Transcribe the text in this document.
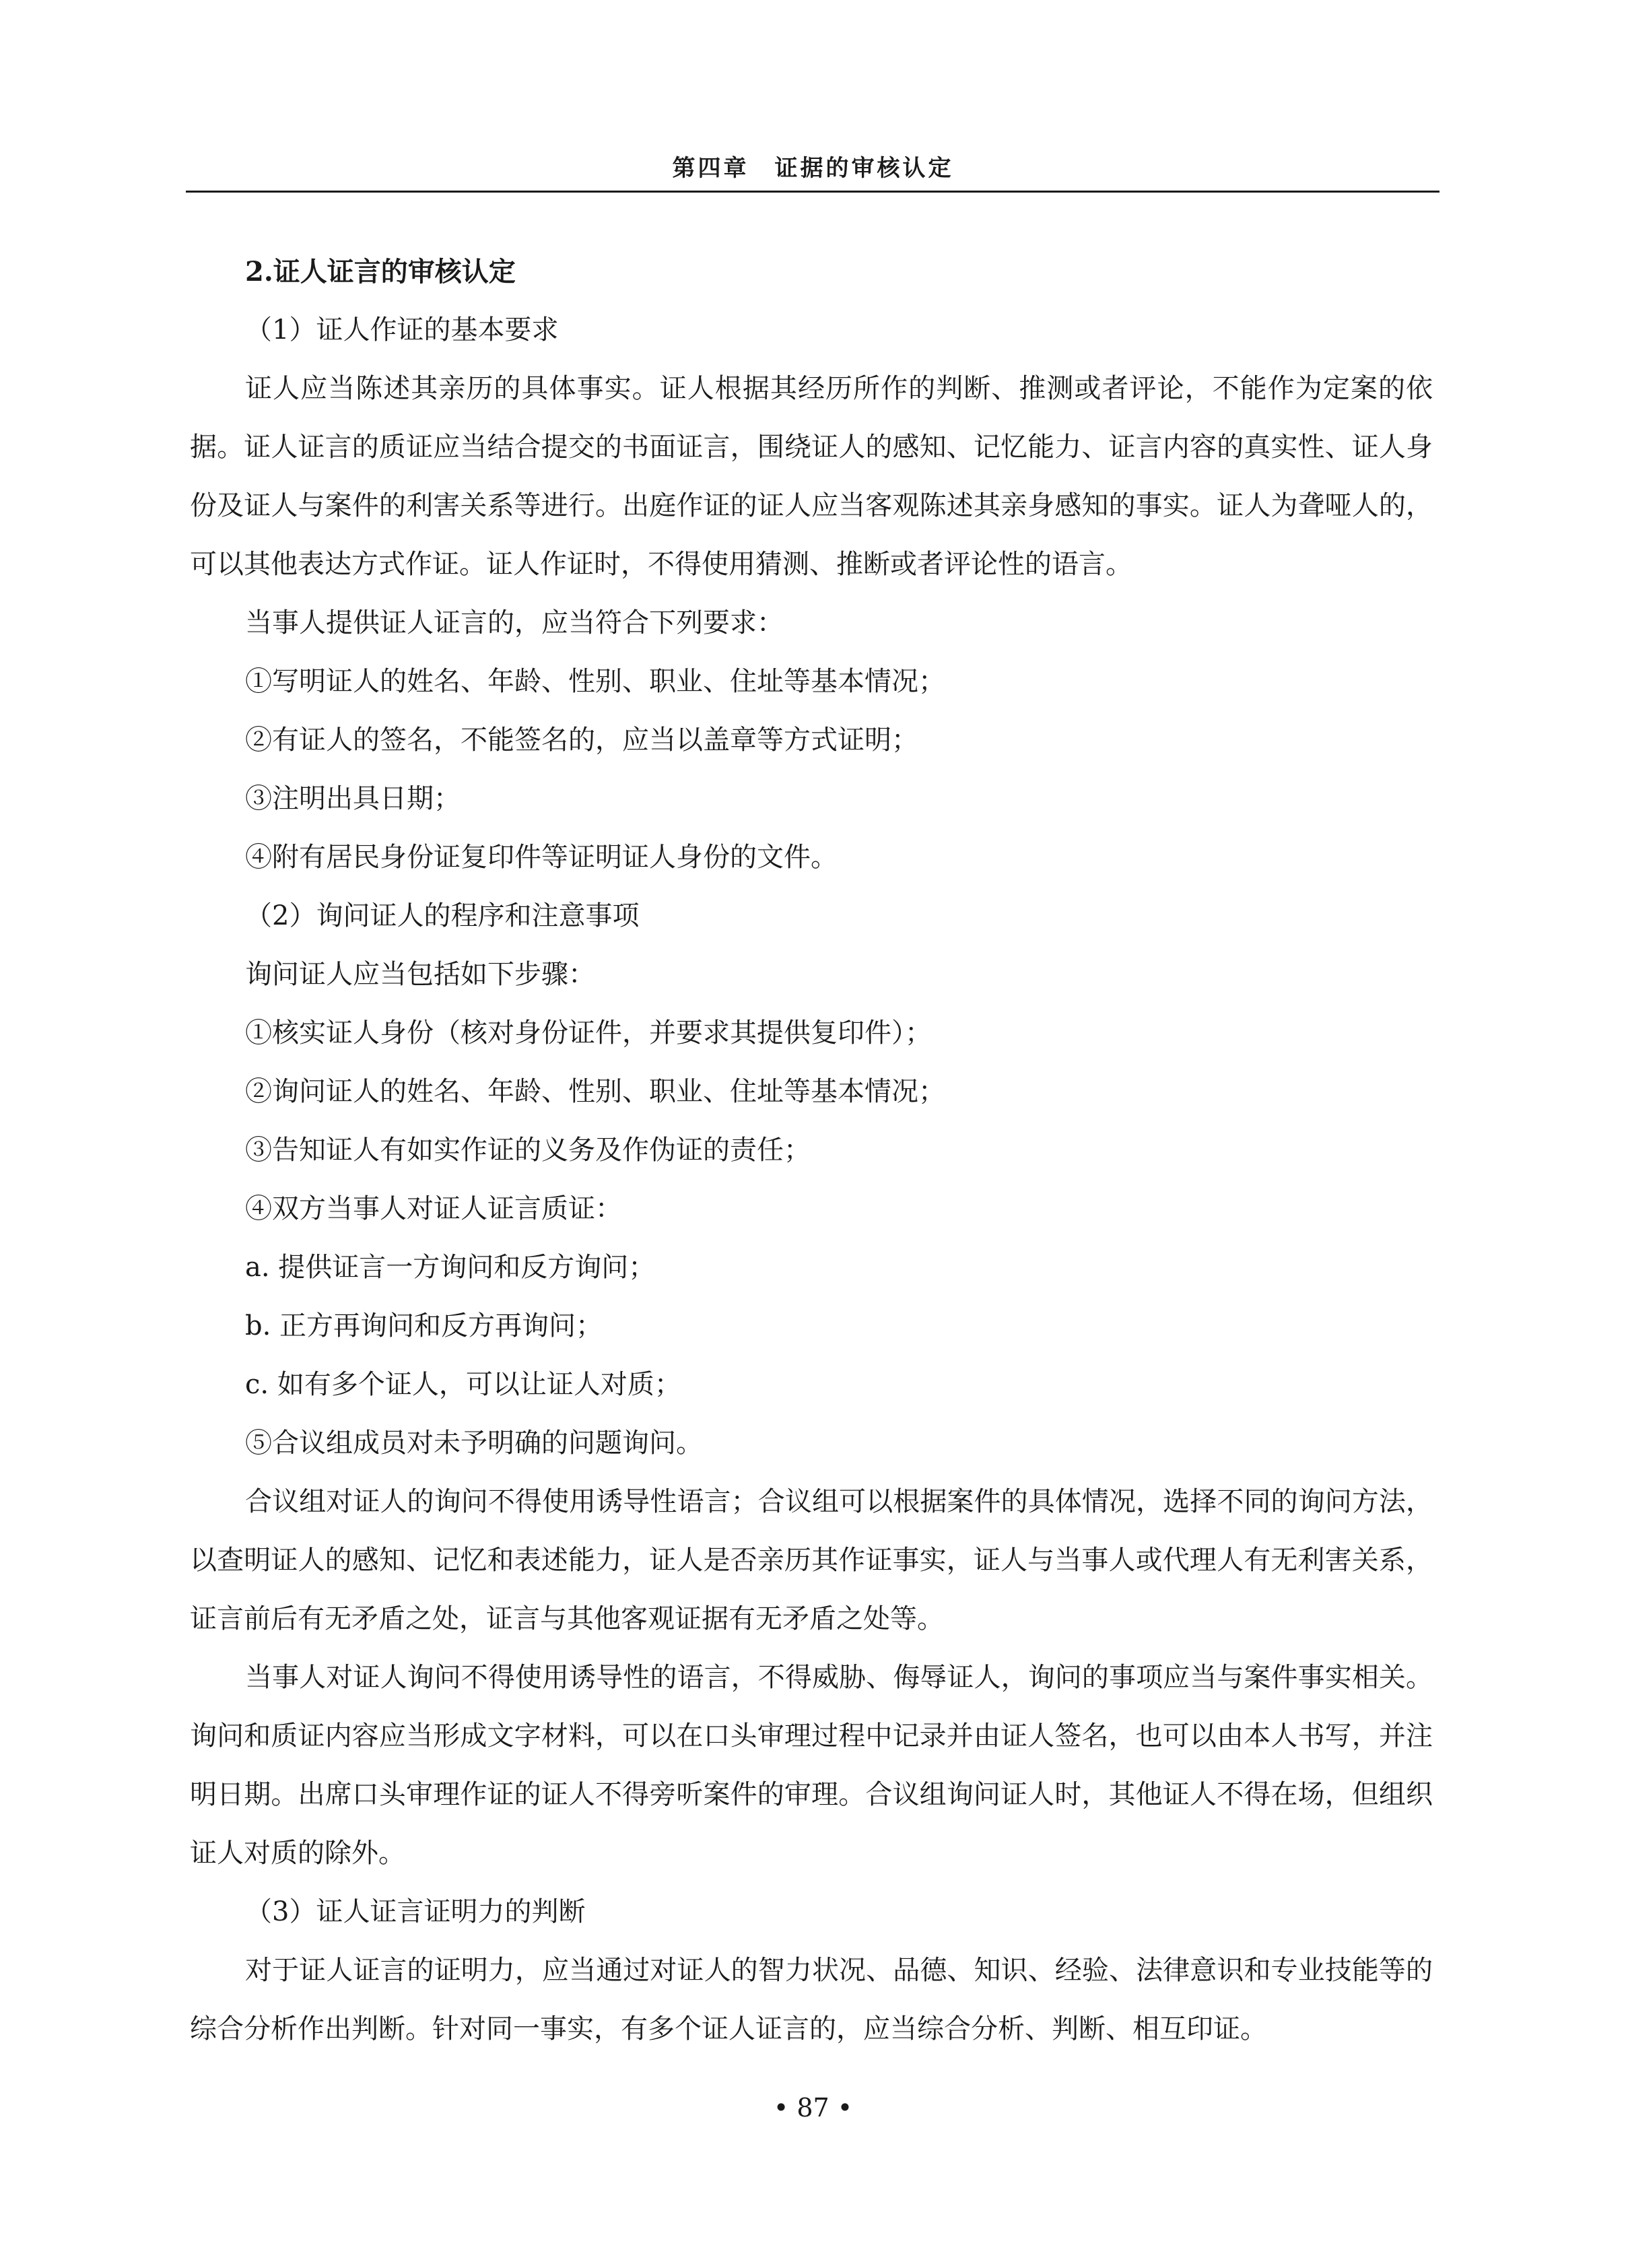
第四章　证据的审核认定

2.证人证言的审核认定

（1）证人作证的基本要求

证人应当陈述其亲历的具体事实。证人根据其经历所作的判断、推测或者评论，不能作为定案的依据。证人证言的质证应当结合提交的书面证言，围绕证人的感知、记忆能力、证言内容的真实性、证人身份及证人与案件的利害关系等进行。出庭作证的证人应当客观陈述其亲身感知的事实。证人为聋哑人的，可以其他表达方式作证。证人作证时，不得使用猜测、推断或者评论性的语言。

当事人提供证人证言的，应当符合下列要求：

①写明证人的姓名、年龄、性别、职业、住址等基本情况；

②有证人的签名，不能签名的，应当以盖章等方式证明；

③注明出具日期；

④附有居民身份证复印件等证明证人身份的文件。

（2）询问证人的程序和注意事项

询问证人应当包括如下步骤：

①核实证人身份（核对身份证件，并要求其提供复印件）；

②询问证人的姓名、年龄、性别、职业、住址等基本情况；

③告知证人有如实作证的义务及作伪证的责任；

④双方当事人对证人证言质证：

a. 提供证言一方询问和反方询问；

b. 正方再询问和反方再询问；

c. 如有多个证人，可以让证人对质；

⑤合议组成员对未予明确的问题询问。

合议组对证人的询问不得使用诱导性语言；合议组可以根据案件的具体情况，选择不同的询问方法，以查明证人的感知、记忆和表述能力，证人是否亲历其作证事实，证人与当事人或代理人有无利害关系，证言前后有无矛盾之处，证言与其他客观证据有无矛盾之处等。

当事人对证人询问不得使用诱导性的语言，不得威胁、侮辱证人，询问的事项应当与案件事实相关。询问和质证内容应当形成文字材料，可以在口头审理过程中记录并由证人签名，也可以由本人书写，并注明日期。出席口头审理作证的证人不得旁听案件的审理。合议组询问证人时，其他证人不得在场，但组织证人对质的除外。

（3）证人证言证明力的判断

对于证人证言的证明力，应当通过对证人的智力状况、品德、知识、经验、法律意识和专业技能等的综合分析作出判断。针对同一事实，有多个证人证言的，应当综合分析、判断、相互印证。

• 87 •
